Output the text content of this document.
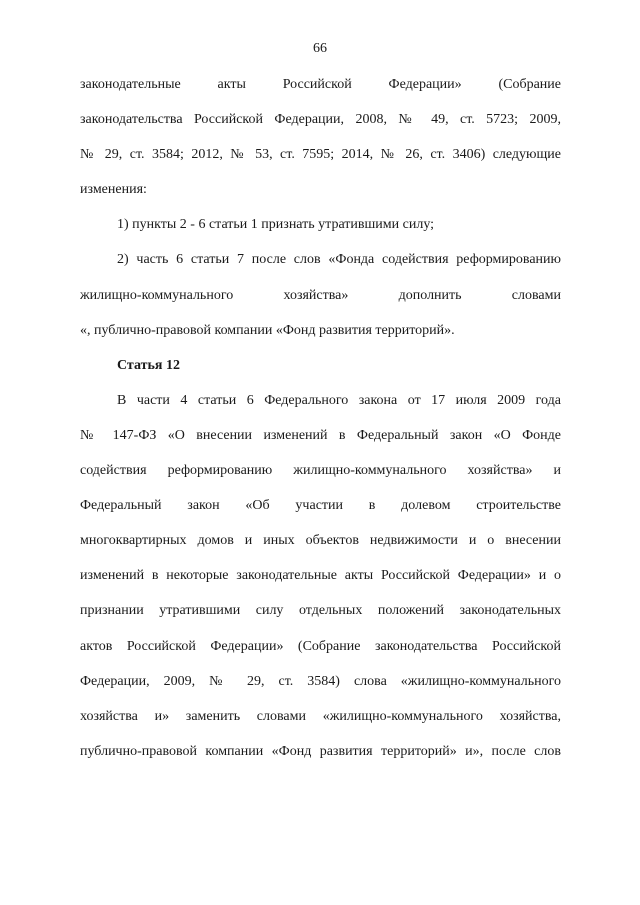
66
законодательные акты Российской Федерации» (Собрание
законодательства Российской Федерации, 2008, № 49, ст. 5723; 2009,
№ 29, ст. 3584; 2012, № 53, ст. 7595; 2014, № 26, ст. 3406) следующие
изменения:
1) пункты 2 - 6 статьи 1 признать утратившими силу;
2) часть 6 статьи 7 после слов «Фонда содействия реформированию
жилищно-коммунального хозяйства» дополнить словами
«, публично-правовой компании «Фонд развития территорий».
Статья 12
В части 4 статьи 6 Федерального закона от 17 июля 2009 года
№ 147-ФЗ «О внесении изменений в Федеральный закон «О Фонде
содействия реформированию жилищно-коммунального хозяйства» и
Федеральный закон «Об участии в долевом строительстве
многоквартирных домов и иных объектов недвижимости и о внесении
изменений в некоторые законодательные акты Российской Федерации» и о
признании утратившими силу отдельных положений законодательных
актов Российской Федерации» (Собрание законодательства Российской
Федерации, 2009, № 29, ст. 3584) слова «жилищно-коммунального
хозяйства и» заменить словами «жилищно-коммунального хозяйства,
публично-правовой компании «Фонд развития территорий» и», после слов
